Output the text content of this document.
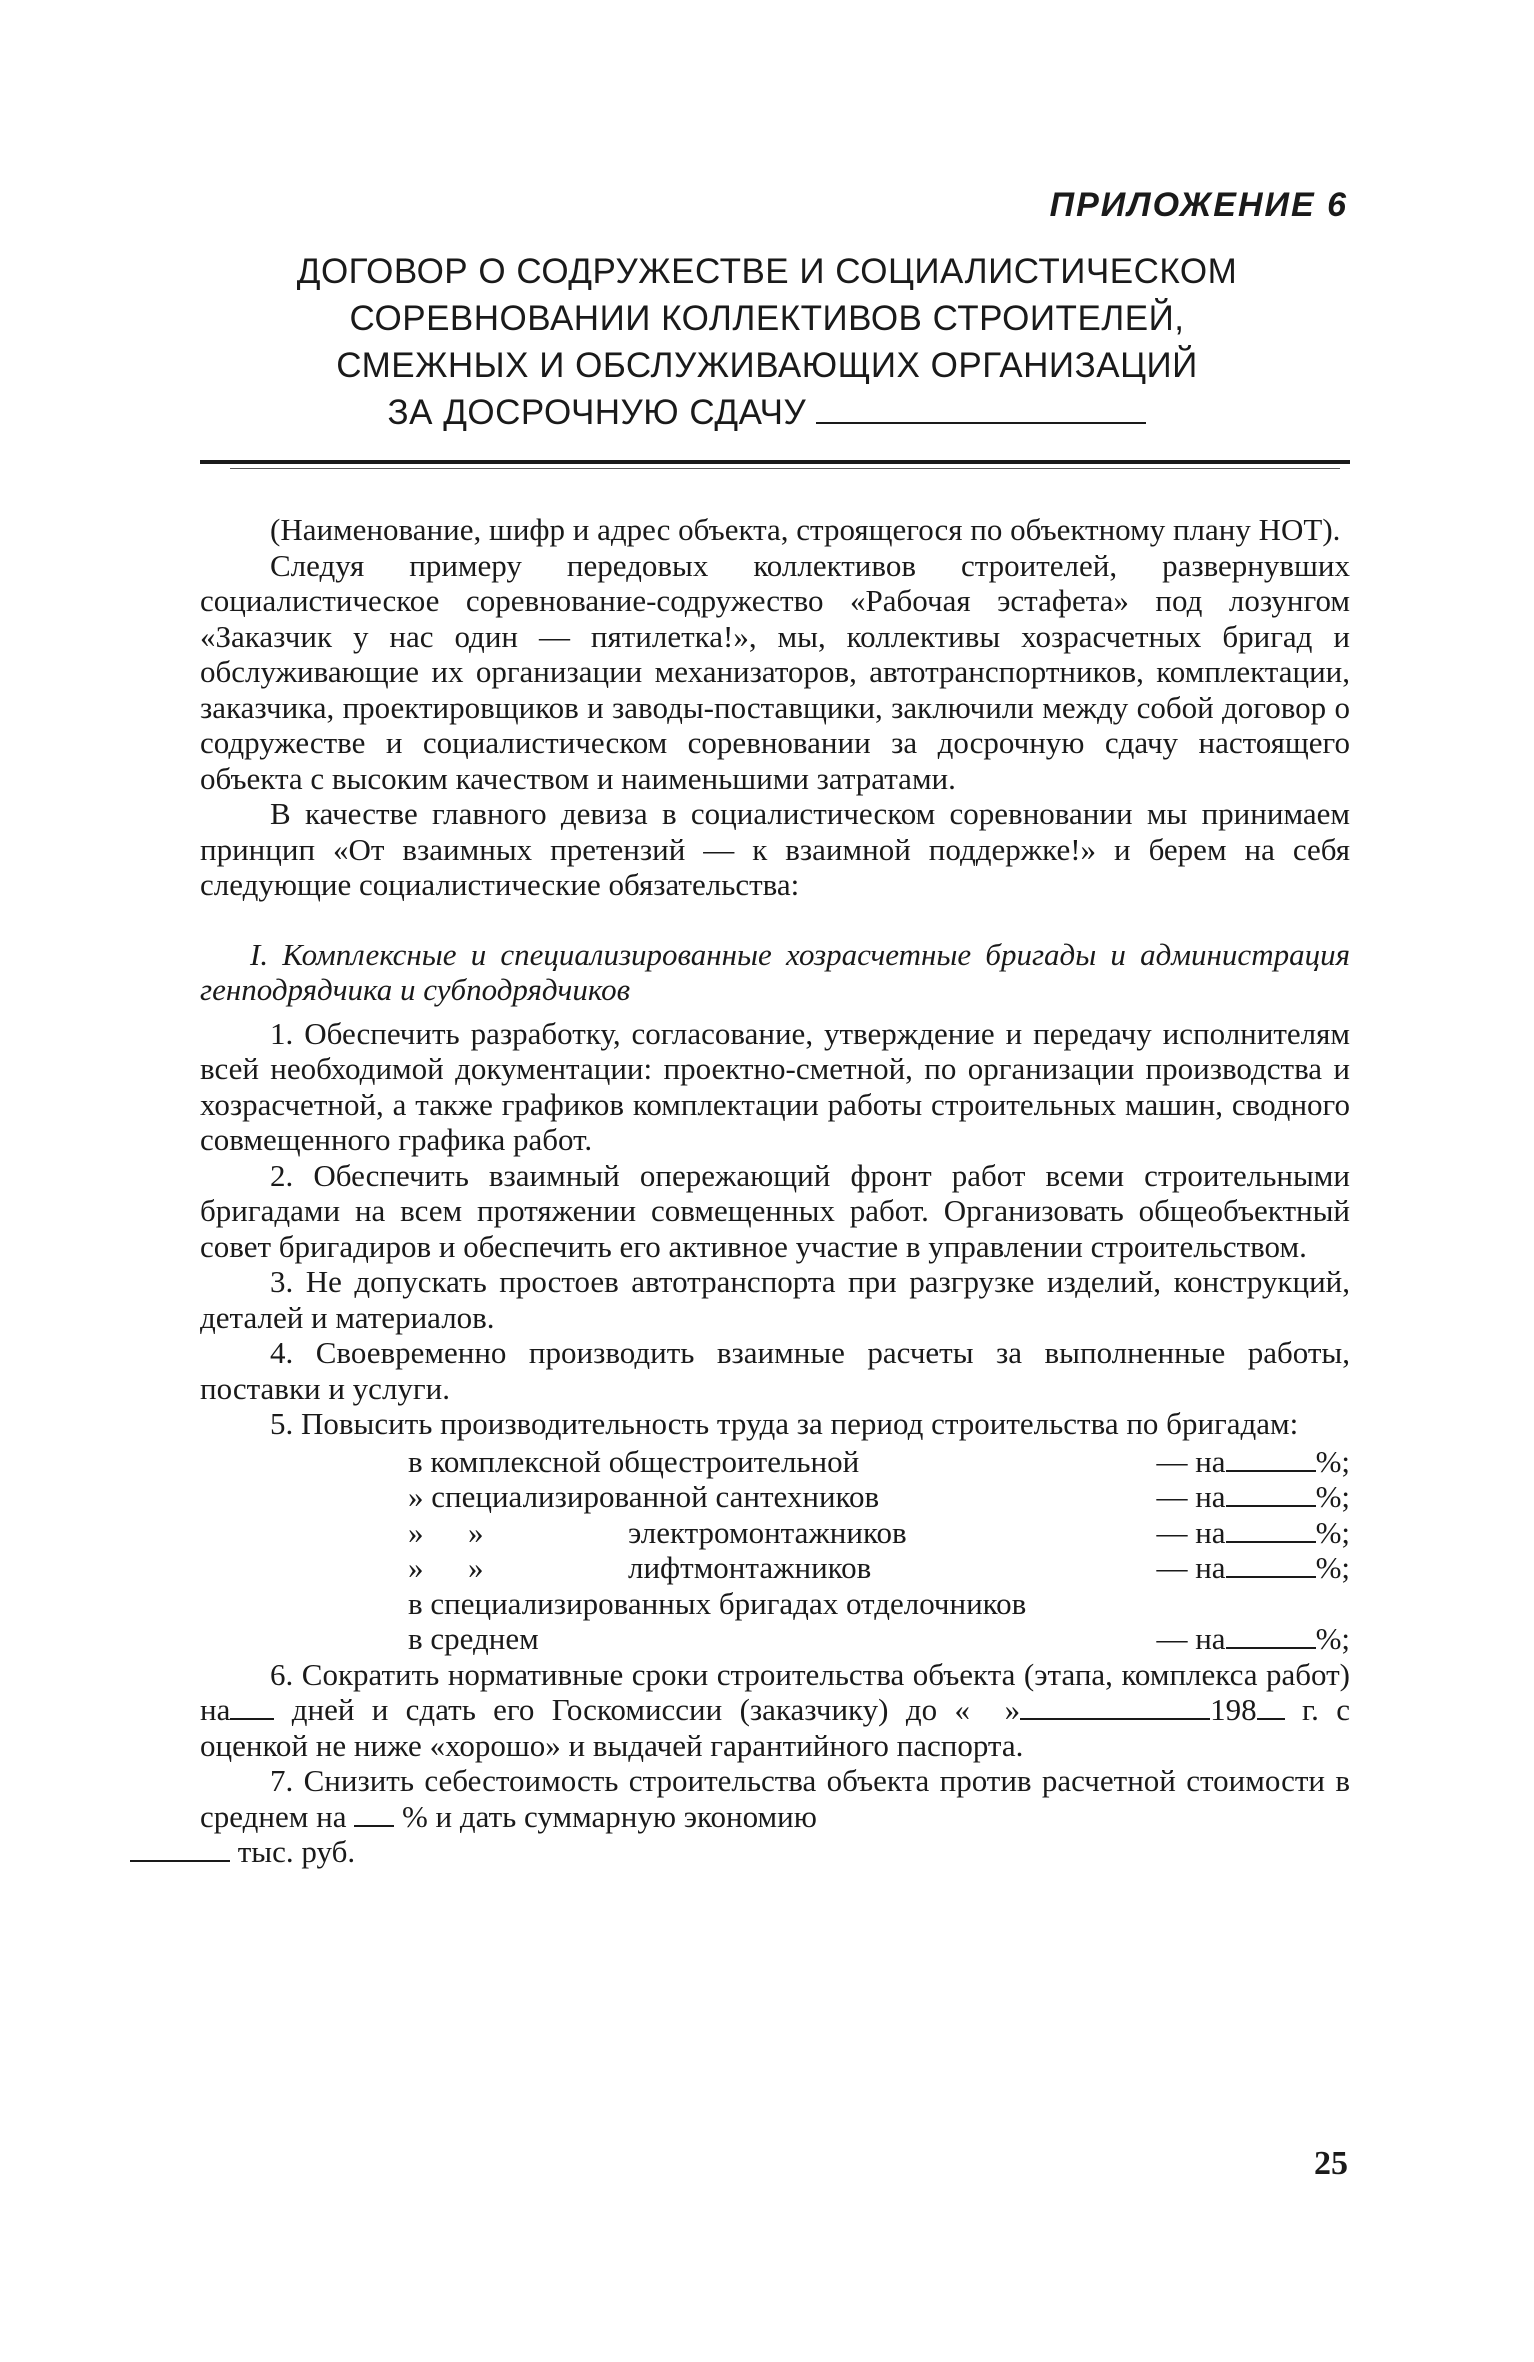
ПРИЛОЖЕНИЕ 6
ДОГОВОР О СОДРУЖЕСТВЕ И СОЦИАЛИСТИЧЕСКОМ
СОРЕВНОВАНИИ КОЛЛЕКТИВОВ СТРОИТЕЛЕЙ,
СМЕЖНЫХ И ОБСЛУЖИВАЮЩИХ ОРГАНИЗАЦИЙ
ЗА ДОСРОЧНУЮ СДАЧУ

(Наименование, шифр и адрес объекта, строящегося по объектному плану НОТ).

Следуя примеру передовых коллективов строителей, развернувших социалистическое соревнование-содружество «Рабочая эстафета» под лозунгом «Заказчик у нас один — пятилетка!», мы, коллективы хозрасчетных бригад и обслуживающие их организации механизаторов, автотранспортников, комплектации, заказчика, проектировщиков и заводы-поставщики, заключили между собой договор о содружестве и социалистическом соревновании за досрочную сдачу настоящего объекта с высоким качеством и наименьшими затратами.

В качестве главного девиза в социалистическом соревновании мы принимаем принцип «От взаимных претензий — к взаимной поддержке!» и берем на себя следующие социалистические обязательства:

I. Комплексные и специализированные хозрасчетные бригады и администрация генподрядчика и субподрядчиков

1. Обеспечить разработку, согласование, утверждение и передачу исполнителям всей необходимой документации: проектно-сметной, по организации производства и хозрасчетной, а также графиков комплектации работы строительных машин, сводного совмещенного графика работ.

2. Обеспечить взаимный опережающий фронт работ всеми строительными бригадами на всем протяжении совмещенных работ. Организовать общеобъектный совет бригадиров и обеспечить его активное участие в управлении строительством.

3. Не допускать простоев автотранспорта при разгрузке изделий, конструкций, деталей и материалов.

4. Своевременно производить взаимные расчеты за выполненные работы, поставки и услуги.

5. Повысить производительность труда за период строительства по бригадам:

в комплексной общестроительной	— на	%;
» специализированной сантехников	— на	%;
»	»	электромонтажников	— на	%;
»	»	лифтмонтажников	— на	%;
в специализированных бригадах отделочников
в среднем	— на	%;

6. Сократить нормативные сроки строительства объекта (этапа, комплекса работ) на дней и сдать его Госкомиссии (заказчику) до « »	198 г. с оценкой не ниже «хорошо» и выдачей гарантийного паспорта.

7. Снизить себестоимость строительства объекта против расчетной стоимости в среднем на % и дать суммарную экономию
тыс. руб.

25
